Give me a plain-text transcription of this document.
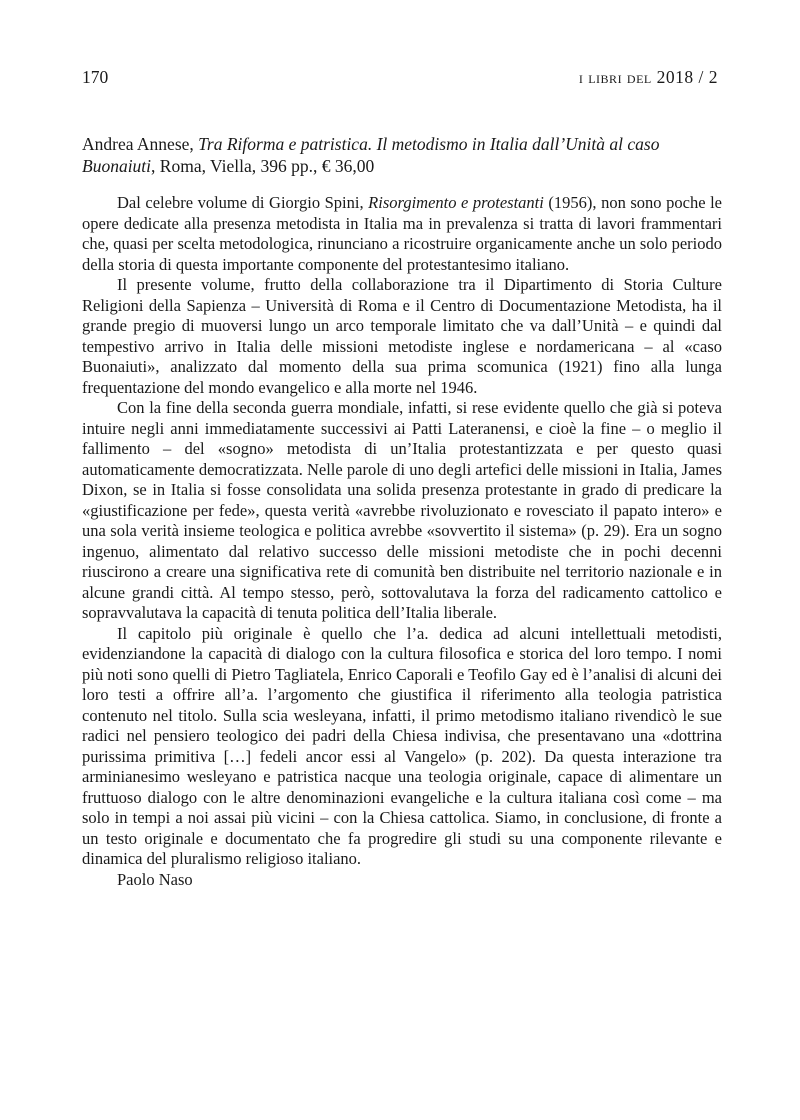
170	i libri del 2018 / 2
Andrea Annese, Tra Riforma e patristica. Il metodismo in Italia dall’Unità al caso Buonaiuti, Roma, Viella, 396 pp., € 36,00

Dal celebre volume di Giorgio Spini, Risorgimento e protestanti (1956), non sono poche le opere dedicate alla presenza metodista in Italia ma in prevalenza si tratta di lavori frammentari che, quasi per scelta metodologica, rinunciano a ricostruire organicamente anche un solo periodo della storia di questa importante componente del protestantesimo italiano.

Il presente volume, frutto della collaborazione tra il Dipartimento di Storia Culture Religioni della Sapienza – Università di Roma e il Centro di Documentazione Metodista, ha il grande pregio di muoversi lungo un arco temporale limitato che va dall’Unità – e quindi dal tempestivo arrivo in Italia delle missioni metodiste inglese e nordamericana – al «caso Buonaiuti», analizzato dal momento della sua prima scomunica (1921) fino alla lunga frequentazione del mondo evangelico e alla morte nel 1946.

Con la fine della seconda guerra mondiale, infatti, si rese evidente quello che già si poteva intuire negli anni immediatamente successivi ai Patti Lateranensi, e cioè la fine – o meglio il fallimento – del «sogno» metodista di un’Italia protestantizzata e per questo quasi automaticamente democratizzata. Nelle parole di uno degli artefici delle missioni in Italia, James Dixon, se in Italia si fosse consolidata una solida presenza protestante in grado di predicare la «giustificazione per fede», questa verità «avrebbe rivoluzionato e rovesciato il papato intero» e una sola verità insieme teologica e politica avrebbe «sovvertito il sistema» (p. 29). Era un sogno ingenuo, alimentato dal relativo successo delle missioni metodiste che in pochi decenni riuscirono a creare una significativa rete di comunità ben distribuite nel territorio nazionale e in alcune grandi città. Al tempo stesso, però, sottovalutava la forza del radicamento cattolico e sopravvalutava la capacità di tenuta politica dell’Italia liberale.

Il capitolo più originale è quello che l’a. dedica ad alcuni intellettuali metodisti, evidenziandone la capacità di dialogo con la cultura filosofica e storica del loro tempo. I nomi più noti sono quelli di Pietro Tagliatela, Enrico Caporali e Teofilo Gay ed è l’analisi di alcuni dei loro testi a offrire all’a. l’argomento che giustifica il riferimento alla teologia patristica contenuto nel titolo. Sulla scia wesleyana, infatti, il primo metodismo italiano rivendicò le sue radici nel pensiero teologico dei padri della Chiesa indivisa, che presentavano una «dottrina purissima primitiva […] fedeli ancor essi al Vangelo» (p. 202). Da questa interazione tra arminianesimo wesleyano e patristica nacque una teologia originale, capace di alimentare un fruttuoso dialogo con le altre denominazioni evangeliche e la cultura italiana così come – ma solo in tempi a noi assai più vicini – con la Chiesa cattolica. Siamo, in conclusione, di fronte a un testo originale e documentato che fa progredire gli studi su una componente rilevante e dinamica del pluralismo religioso italiano.

Paolo Naso
